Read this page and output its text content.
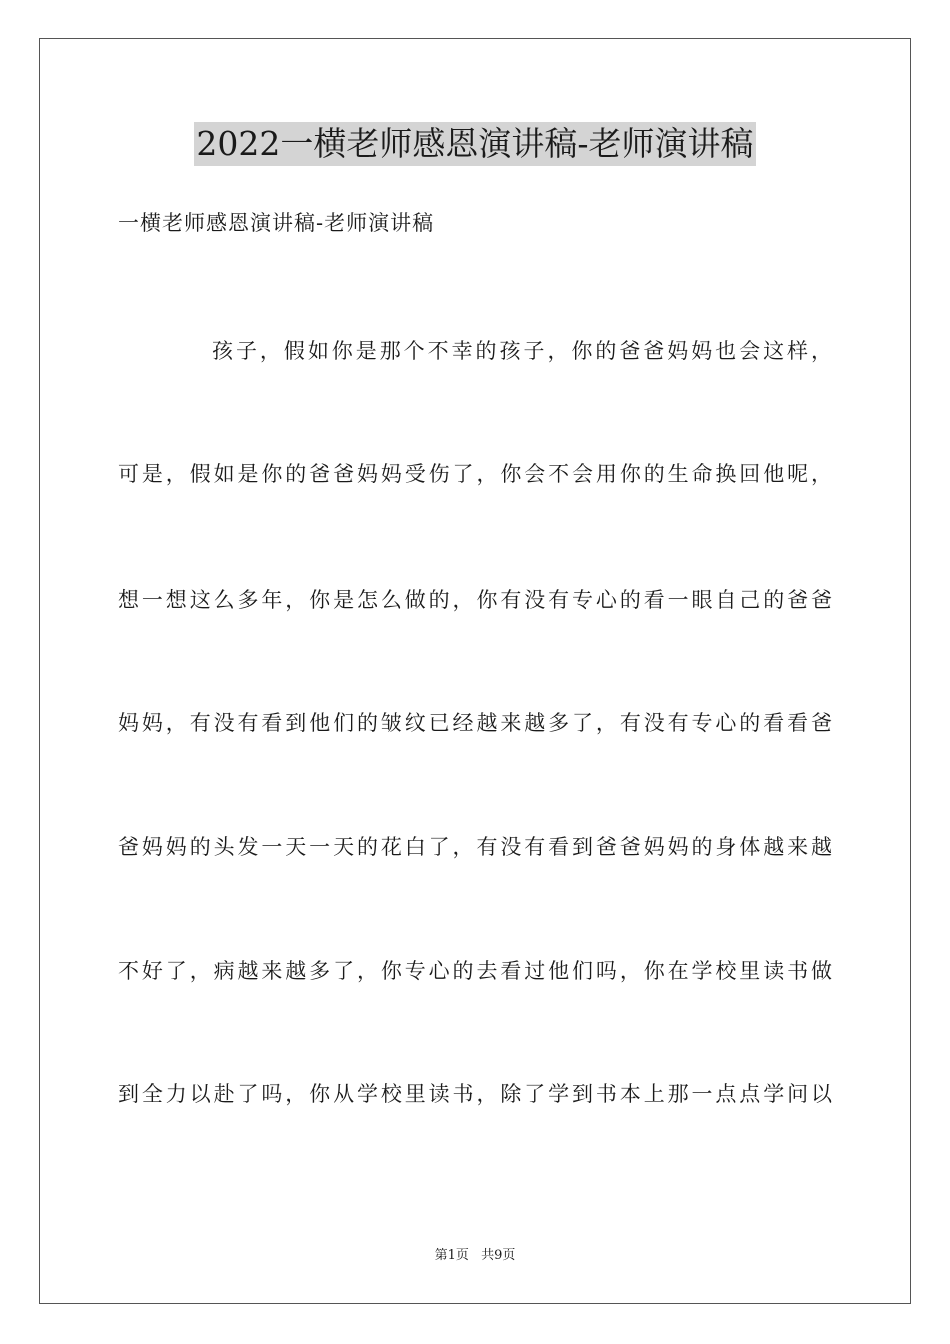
2022一横老师感恩演讲稿-老师演讲稿
一横老师感恩演讲稿-老师演讲稿
孩子，假如你是那个不幸的孩子，你的爸爸妈妈也会这样，
可是，假如是你的爸爸妈妈受伤了，你会不会用你的生命换回他呢，
想一想这么多年，你是怎么做的，你有没有专心的看一眼自己的爸爸
妈妈，有没有看到他们的皱纹已经越来越多了，有没有专心的看看爸
爸妈妈的头发一天一天的花白了，有没有看到爸爸妈妈的身体越来越
不好了，病越来越多了，你专心的去看过他们吗，你在学校里读书做
到全力以赴了吗，你从学校里读书，除了学到书本上那一点点学问以
第1页 共9页
